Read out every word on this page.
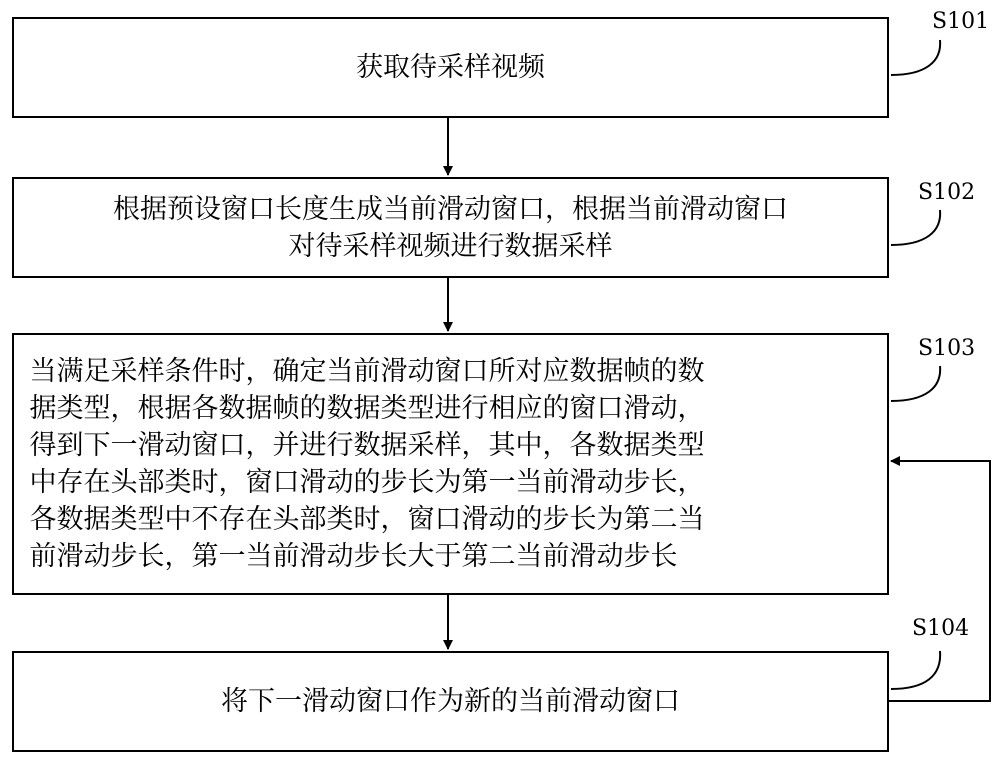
获取待采样视频
根据预设窗口长度生成当前滑动窗口，根据当前滑动窗口
对待采样视频进行数据采样
当满足采样条件时，确定当前滑动窗口所对应数据帧的数
据类型，根据各数据帧的数据类型进行相应的窗口滑动，
得到下一滑动窗口，并进行数据采样，其中，各数据类型
中存在头部类时，窗口滑动的步长为第一当前滑动步长，
各数据类型中不存在头部类时，窗口滑动的步长为第二当
前滑动步长，第一当前滑动步长大于第二当前滑动步长
将下一滑动窗口作为新的当前滑动窗口
S101
S102
S103
S104
